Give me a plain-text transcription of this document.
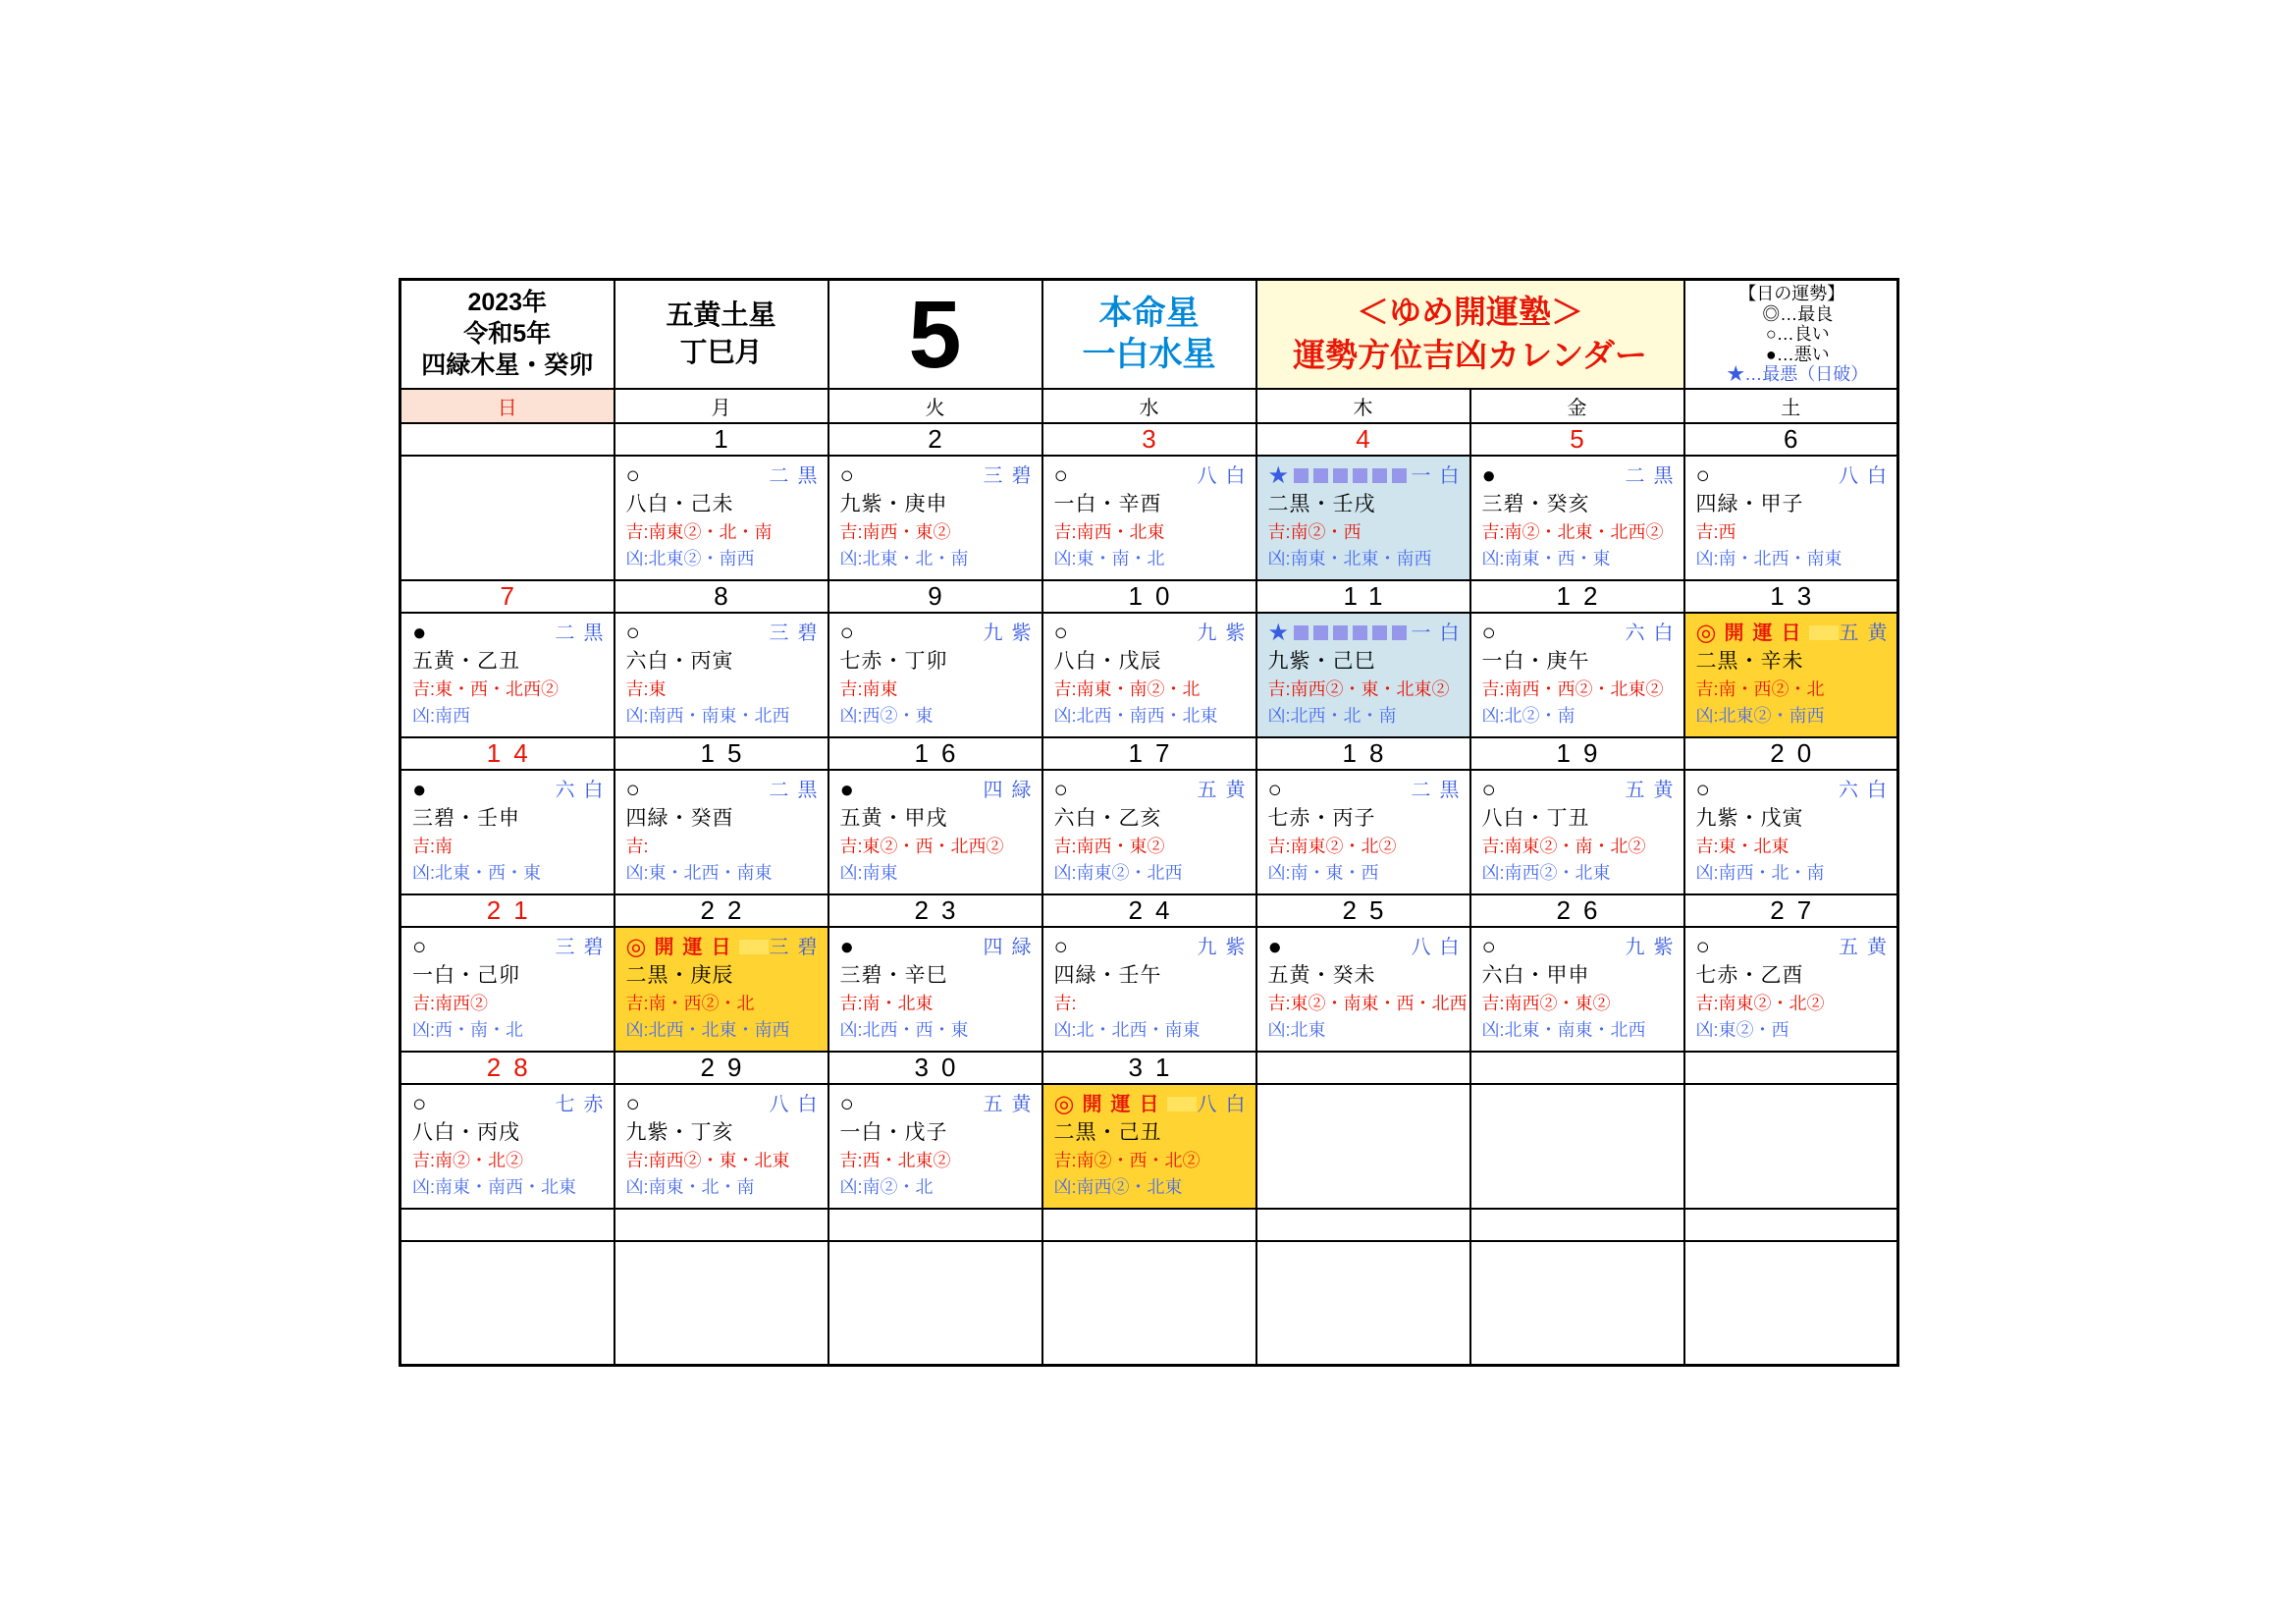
2023年
令和5年
四緑木星・癸卯

五黄土星
丁巳月	5	本命星
一白水星

＜ゆめ開運塾＞
運勢方位吉凶カレンダー

【日の運勢】
◎…最良
○…良い
●…悪い
★…最悪（日破）

日	月	火	水	木	金	土
	1	2	3	4	5	6

○	二黒
八白・己未
吉:南東②・北・南
凶:北東②・南西

○	三碧
九紫・庚申
吉:南西・東②
凶:北東・北・南

○	八白
一白・辛酉
吉:南西・北東
凶:東・南・北

★	一白
二黒・壬戌
吉:南②・西
凶:南東・北東・南西

●	二黒
三碧・癸亥
吉:南②・北東・北西②
凶:南東・西・東

○	八白
四緑・甲子
吉:西
凶:南・北西・南東

7	8	9	10	11	12	13

●	二黒
五黄・乙丑
吉:東・西・北西②
凶:南西

○	三碧
六白・丙寅
吉:東
凶:南西・南東・北西

○	九紫
七赤・丁卯
吉:南東
凶:西②・東

○	九紫
八白・戊辰
吉:南東・南②・北
凶:北西・南西・北東

★	一白
九紫・己巳
吉:南西②・東・北東②
凶:北西・北・南

○	六白
一白・庚午
吉:南西・西②・北東②
凶:北②・南

◎ 開運日 五黄
二黒・辛未
吉:南・西②・北
凶:北東②・南西

14	15	16	17	18	19	20

●	六白
三碧・壬申
吉:南
凶:北東・西・東

○	二黒
四緑・癸酉
吉:
凶:東・北西・南東

●	四緑
五黄・甲戌
吉:東②・西・北西②
凶:南東

○	五黄
六白・乙亥
吉:南西・東②
凶:南東②・北西

○	二黒
七赤・丙子
吉:南東②・北②
凶:南・東・西

○	五黄
八白・丁丑
吉:南東②・南・北②
凶:南西②・北東

○	六白
九紫・戊寅
吉:東・北東
凶:南西・北・南

21	22	23	24	25	26	27

○	三碧
一白・己卯
吉:南西②
凶:西・南・北

◎ 開運日 三碧
二黒・庚辰
吉:南・西②・北
凶:北西・北東・南西

●	四緑
三碧・辛巳
吉:南・北東
凶:北西・西・東

○	九紫
四緑・壬午
吉:
凶:北・北西・南東

●	八白
五黄・癸未
吉:東②・南東・西・北西
凶:北東

○	九紫
六白・甲申
吉:南西②・東②
凶:北東・南東・北西

○	五黄
七赤・乙酉
吉:南東②・北②
凶:東②・西

28	29	30	31			

○	七赤
八白・丙戌
吉:南②・北②
凶:南東・南西・北東

○	八白
九紫・丁亥
吉:南西②・東・北東
凶:南東・北・南

○	五黄
一白・戊子
吉:西・北東②
凶:南②・北

◎ 開運日 八白
二黒・己丑
吉:南②・西・北②
凶:南西②・北東
